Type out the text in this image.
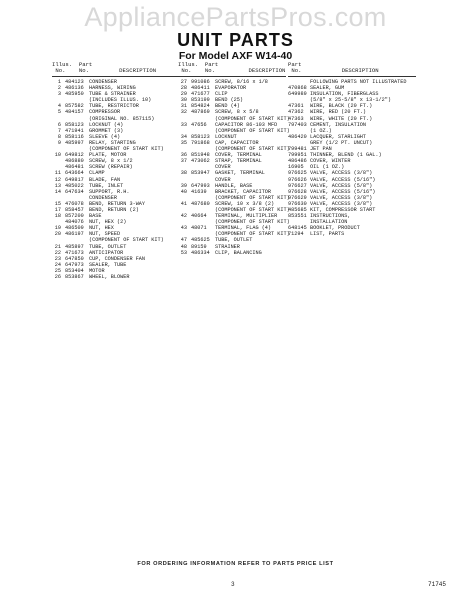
AppliancePartsPros.com
UNIT PARTS
For Model AXF W14-40
Illus.  Part
No.    No.         DESCRIPTION
1 484123	CONDENSER
2 486136	HARNESS, WIRING
3 485950	TUBE & STRAINER
(INCLUDES ILLUS. 10)
4 857582	TUBE, RESTRICTOR
5 484157	COMPRESSOR
(ORIGINAL NO. 857115)
6 858123	LOCKNUT (4)
7 471941	GROMMET (3)
8 858116	SLEEVE (4)
9 485997	RELAY, STARTING
(COMPONENT OF START KIT)
10 649812	PLATE, MOTOR
486880	SCREW, 8 x 1/2
486481	SCREW (REPAIR)
11 643664	CLAMP
12 649817	BLADE, FAN
13 485022	TUBE, INLET
14 647634	SUPPORT, R.H.
CONDENSER
15 476078	BEND, RETURN 3-WAY
17 858457	BEND, RETURN (2)
18 857200	BASE
484076	NUT, HEX (2)
19 486509	NUT, HEX
20 486197	NUT, SPEED
(COMPONENT OF START KIT)
21 485897	TUBE, OUTLET
22 471673	ANTICIPATOR
23 647850	CUP, CONDENSER FAN
24 647973	SEALER, TUBE
25 853404	MOTOR
26 853867	WHEEL, BLOWER
Illus.  Part
No.    No.          DESCRIPTION
27 991086	SCREW, 8/16 x 1/8
28 486411	EVAPORATOR
29 471677	CLIP
30 853199	BEND (25)
31 854824	BEND (4)
32 487869	SCREW, 8 x 5/8
(COMPONENT OF START KIT)
33 47656	CAPACITOR 86-103 MFD
(COMPONENT OF START KIT)
34 858123	LOCKNUT
35 791868	CAP, CAPACITOR
(COMPONENT OF START KIT)
36 851948	COVER, TERMINAL
37 473062	STRAP, TERMINAL
COVER
38 853947	GASKET, TERMINAL
COVER
39 647993	HANDLE, BASE
40 41639	BRACKET, CAPACITOR
(COMPONENT OF START KIT)
41 487680	SCREW, 10 x 3/8 (2)
(COMPONENT OF START KIT)
42 40664	TERMINAL, MULTIPLIER
(COMPONENT OF START KIT)
43 48071	TERMINAL, FLAG (4)
(COMPONENT OF START KIT)
47 485625	TUBE, OUTLET
48 89159	STRAINER
53 486334	CLIP, BALANCING
Part
No.            DESCRIPTION
FOLLOWING PARTS NOT ILLUSTRATED
470868 SEALER, GUM
649989 INSULATION, FIBERGLASS
(5/8" x 25-5/8" x 13-1/2")
47361	WIRE, BLACK (20 FT.)
47362	WIRE, RED (20 FT.)
47363	WIRE, WHITE (20 FT.)
797403 CEMENT, INSULATION
(1 OZ.)
486420 LACQUER, STARLIGHT
GREY (1/2 PT. UNCUT)
799481 JET PAN
799951 THINNER, BLEND (1 GAL.)
486486 COVER, WINTER
16905	OIL (1 OZ.)
976625 VALVE, ACCESS (3/8")
976626 VALVE, ACCESS (5/16")
976627 VALVE, ACCESS (5/8")
976628 VALVE, ACCESS (5/16")
976629 VALVE, ACCESS (3/8")
976630 VALVE, ACCESS (3/8")
485685 KIT, COMPRESSOR START
853551 INSTRUCTIONS,
INSTALLATION
648145 BOOKLET, PRODUCT
71294	LIST, PARTS
FOR ORDERING INFORMATION REFER TO PARTS PRICE LIST
3	71745
